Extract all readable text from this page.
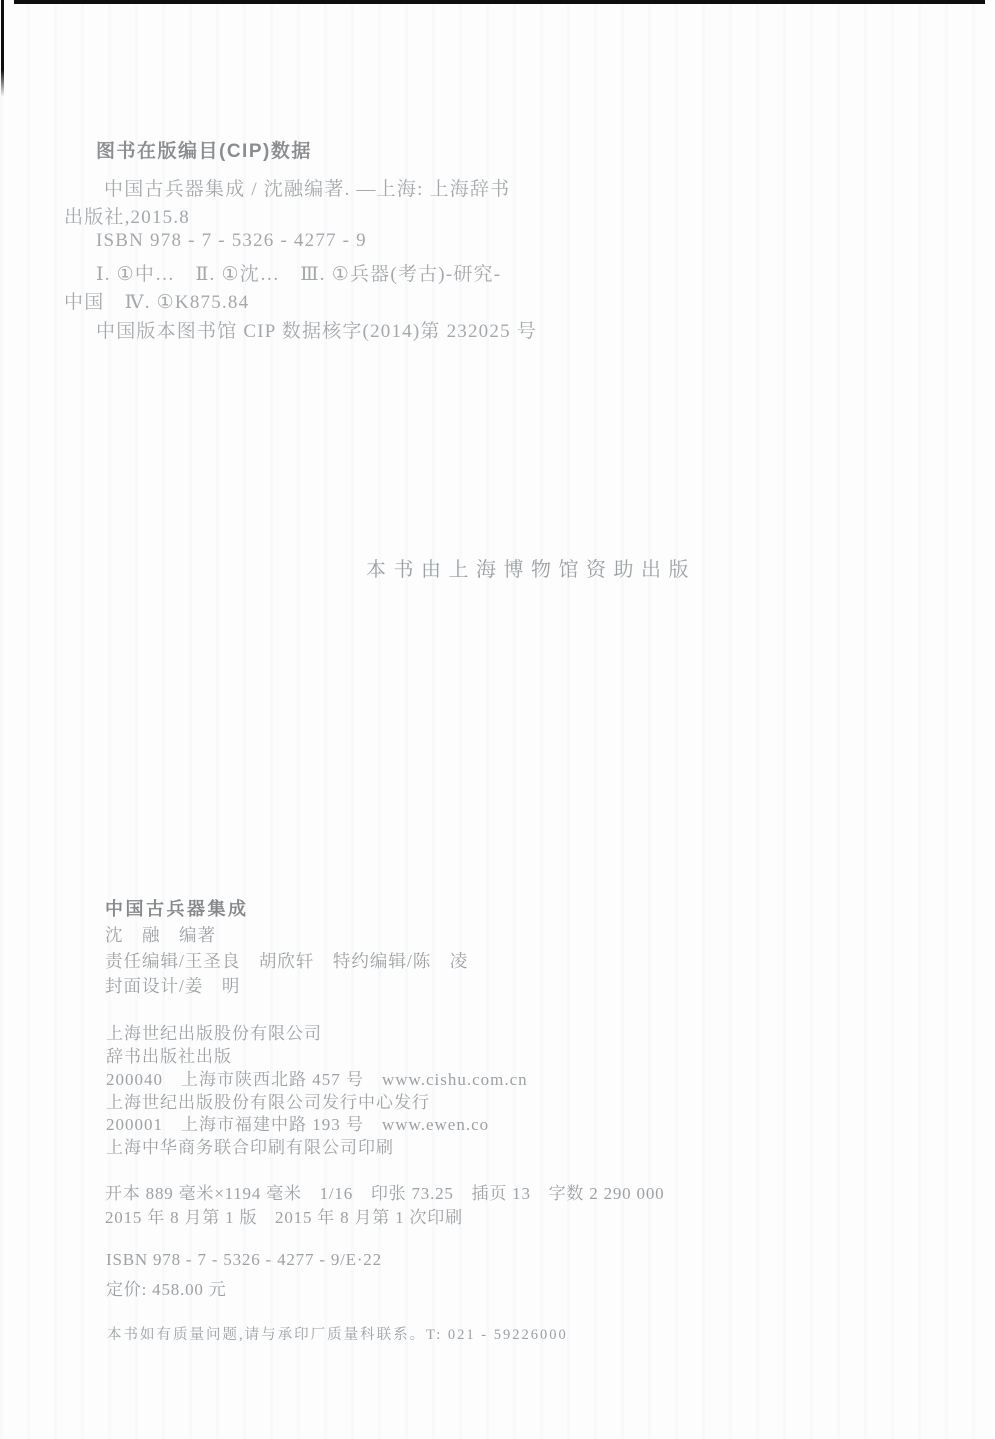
图书在版编目(CIP)数据
中国古兵器集成 / 沈融编著. —上海: 上海辞书
出版社,2015.8
ISBN 978 - 7 - 5326 - 4277 - 9
Ⅰ. ①中…　Ⅱ. ①沈…　Ⅲ. ①兵器(考古)-研究-
中国　Ⅳ. ①K875.84
中国版本图书馆 CIP 数据核字(2014)第 232025 号
本书由上海博物馆资助出版
中国古兵器集成
沈　融　编著
责任编辑/王圣良　胡欣轩　特约编辑/陈　凌
封面设计/姜　明
上海世纪出版股份有限公司
辞书出版社出版
200040　上海市陕西北路 457 号　www.cishu.com.cn
上海世纪出版股份有限公司发行中心发行
200001　上海市福建中路 193 号　www.ewen.co
上海中华商务联合印刷有限公司印刷
开本 889 毫米×1194 毫米　1/16　印张 73.25　插页 13　字数 2 290 000
2015 年 8 月第 1 版　2015 年 8 月第 1 次印刷
ISBN 978 - 7 - 5326 - 4277 - 9/E·22
定价: 458.00 元
本书如有质量问题,请与承印厂质量科联系。T: 021 - 59226000
